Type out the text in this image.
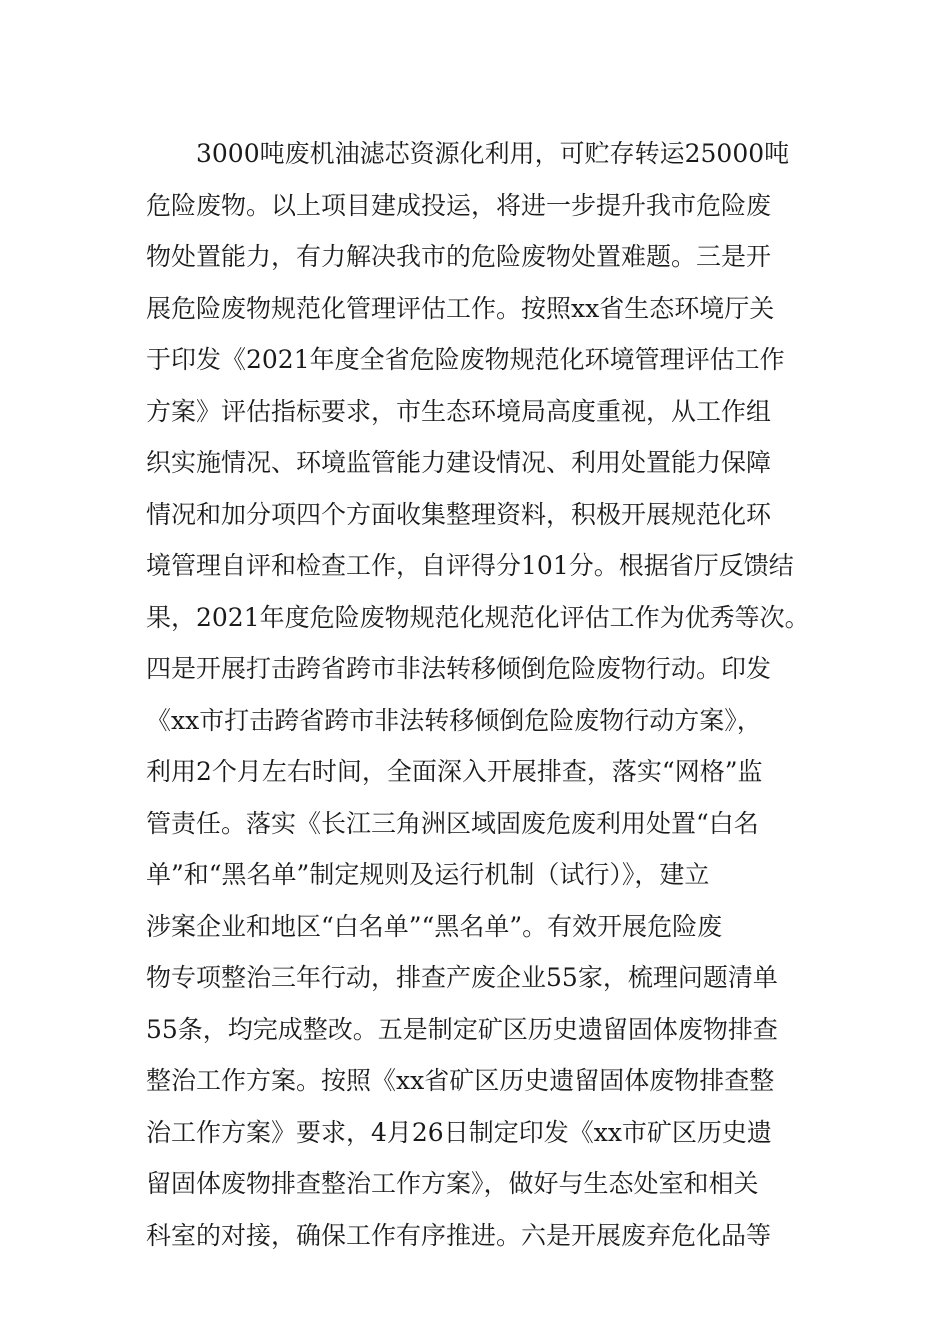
3000吨废机油滤芯资源化利用，可贮存转运25000吨
危险废物。以上项目建成投运，将进一步提升我市危险废
物处置能力，有力解决我市的危险废物处置难题。三是开
展危险废物规范化管理评估工作。按照xx省生态环境厅关
于印发《2021年度全省危险废物规范化环境管理评估工作
方案》评估指标要求，市生态环境局高度重视，从工作组
织实施情况、环境监管能力建设情况、利用处置能力保障
情况和加分项四个方面收集整理资料，积极开展规范化环
境管理自评和检查工作，自评得分101分。根据省厅反馈结
果，2021年度危险废物规范化规范化评估工作为优秀等次。
四是开展打击跨省跨市非法转移倾倒危险废物行动。印发
《xx市打击跨省跨市非法转移倾倒危险废物行动方案》，
利用2个月左右时间，全面深入开展排查，落实“网格”监
管责任。落实《长江三角洲区域固废危废利用处置“白名
单”和“黑名单”制定规则及运行机制（试行）》，建立
涉案企业和地区“白名单”“黑名单”。有效开展危险废
物专项整治三年行动，排查产废企业55家，梳理问题清单
55条，均完成整改。五是制定矿区历史遗留固体废物排查
整治工作方案。按照《xx省矿区历史遗留固体废物排查整
治工作方案》要求，4月26日制定印发《xx市矿区历史遗
留固体废物排查整治工作方案》，做好与生态处室和相关
科室的对接，确保工作有序推进。六是开展废弃危化品等
